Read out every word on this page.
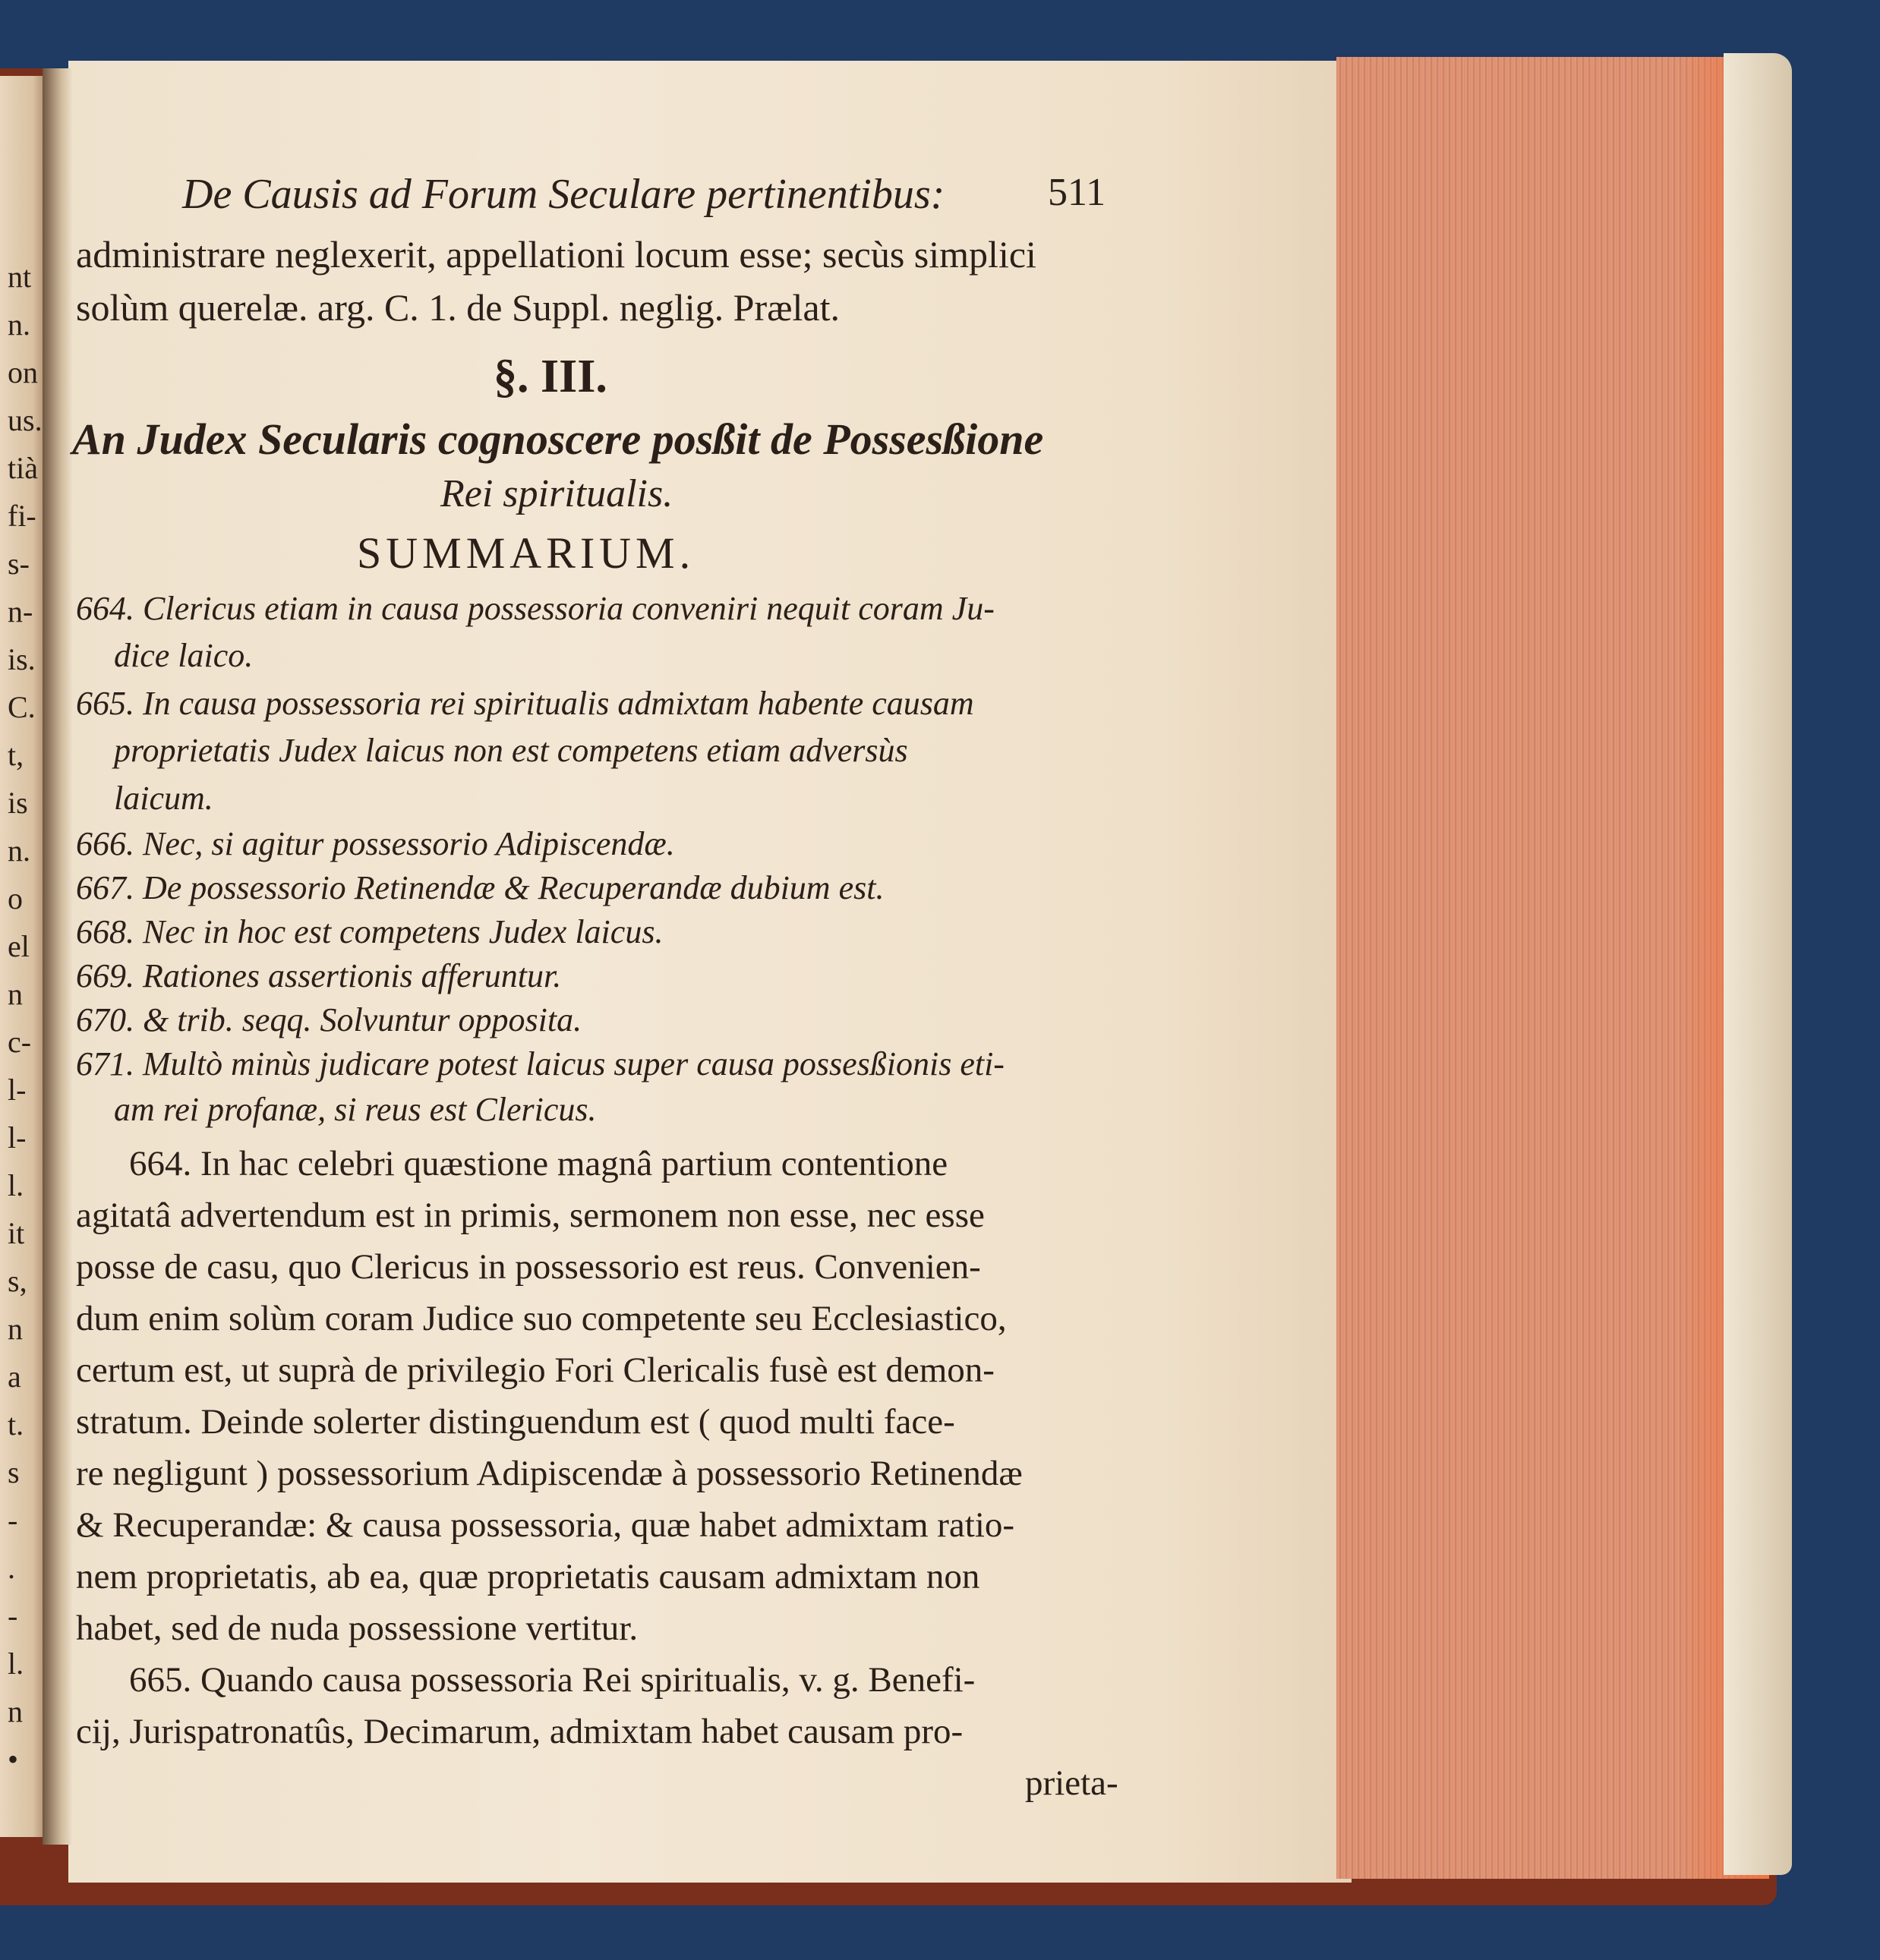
nt
n.
on
us.
tià
fi-
s-
n-
is.
C.
t,
is
n.
o
el
n
c-
l-
l-
l.
it
s,
n
a
t.
s
-
.
-
l.
n
•
De Causis ad Forum Seculare pertinentibus:	511
administrare neglexerit, appellationi locum esse; secùs simplici
solùm querelæ. arg. C. 1. de Suppl. neglig. Prælat.
§. III.
An Judex Secularis cognoscere posßit de Possesßione
Rei spiritualis.
SUMMARIUM.
664. Clericus etiam in causa possessoria conveniri nequit coram Ju-
dice laico.
665. In causa possessoria rei spiritualis admixtam habente causam
proprietatis Judex laicus non est competens etiam adversùs
laicum.
666. Nec, si agitur possessorio Adipiscendæ.
667. De possessorio Retinendæ & Recuperandæ dubium est.
668. Nec in hoc est competens Judex laicus.
669. Rationes assertionis afferuntur.
670. & trib. seqq. Solvuntur opposita.
671. Multò minùs judicare potest laicus super causa possesßionis eti-
am rei profanæ, si reus est Clericus.
664. In hac celebri quæstione magnâ partium contentione
agitatâ advertendum est in primis, sermonem non esse, nec esse
posse de casu, quo Clericus in possessorio est reus. Convenien-
dum enim solùm coram Judice suo competente seu Ecclesiastico,
certum est, ut suprà de privilegio Fori Clericalis fusè est demon-
stratum. Deinde solerter distinguendum est ( quod multi face-
re negligunt ) possessorium Adipiscendæ à possessorio Retinendæ
& Recuperandæ: & causa possessoria, quæ habet admixtam ratio-
nem proprietatis, ab ea, quæ proprietatis causam admixtam non
habet, sed de nuda possessione vertitur.
665. Quando causa possessoria Rei spiritualis, v. g. Benefi-
cij, Jurispatronatûs, Decimarum, admixtam habet causam pro-
prieta-
